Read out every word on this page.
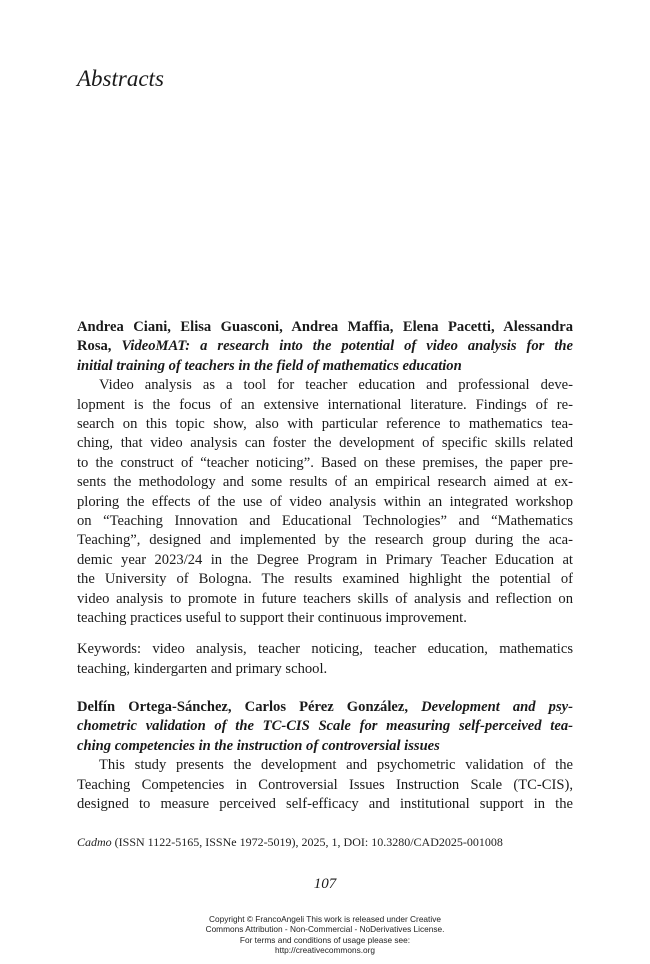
Abstracts
Andrea Ciani, Elisa Guasconi, Andrea Maffia, Elena Pacetti, Alessandra
Rosa, VideoMAT: a research into the potential of video analysis for the
initial training of teachers in the field of mathematics education
Video analysis as a tool for teacher education and professional deve-
lopment is the focus of an extensive international literature. Findings of re-
search on this topic show, also with particular reference to mathematics tea-
ching, that video analysis can foster the development of specific skills related
to the construct of “teacher noticing”. Based on these premises, the paper pre-
sents the methodology and some results of an empirical research aimed at ex-
ploring the effects of the use of video analysis within an integrated workshop
on “Teaching Innovation and Educational Technologies” and “Mathematics
Teaching”, designed and implemented by the research group during the aca-
demic year 2023/24 in the Degree Program in Primary Teacher Education at
the University of Bologna. The results examined highlight the potential of
video analysis to promote in future teachers skills of analysis and reflection on
teaching practices useful to support their continuous improvement.
Keywords: video analysis, teacher noticing, teacher education, mathematics
teaching, kindergarten and primary school.
Delfín Ortega-Sánchez, Carlos Pérez González, Development and psy-
chometric validation of the TC-CIS Scale for measuring self-perceived tea-
ching competencies in the instruction of controversial issues
This study presents the development and psychometric validation of the
Teaching Competencies in Controversial Issues Instruction Scale (TC-CIS),
designed to measure perceived self-efficacy and institutional support in the
Cadmo (ISSN 1122-5165, ISSNe 1972-5019), 2025, 1, DOI: 10.3280/CAD2025-001008
107
Copyright © FrancoAngeli This work is released under Creative
Commons Attribution - Non-Commercial - NoDerivatives License.
For terms and conditions of usage please see:
http://creativecommons.org
